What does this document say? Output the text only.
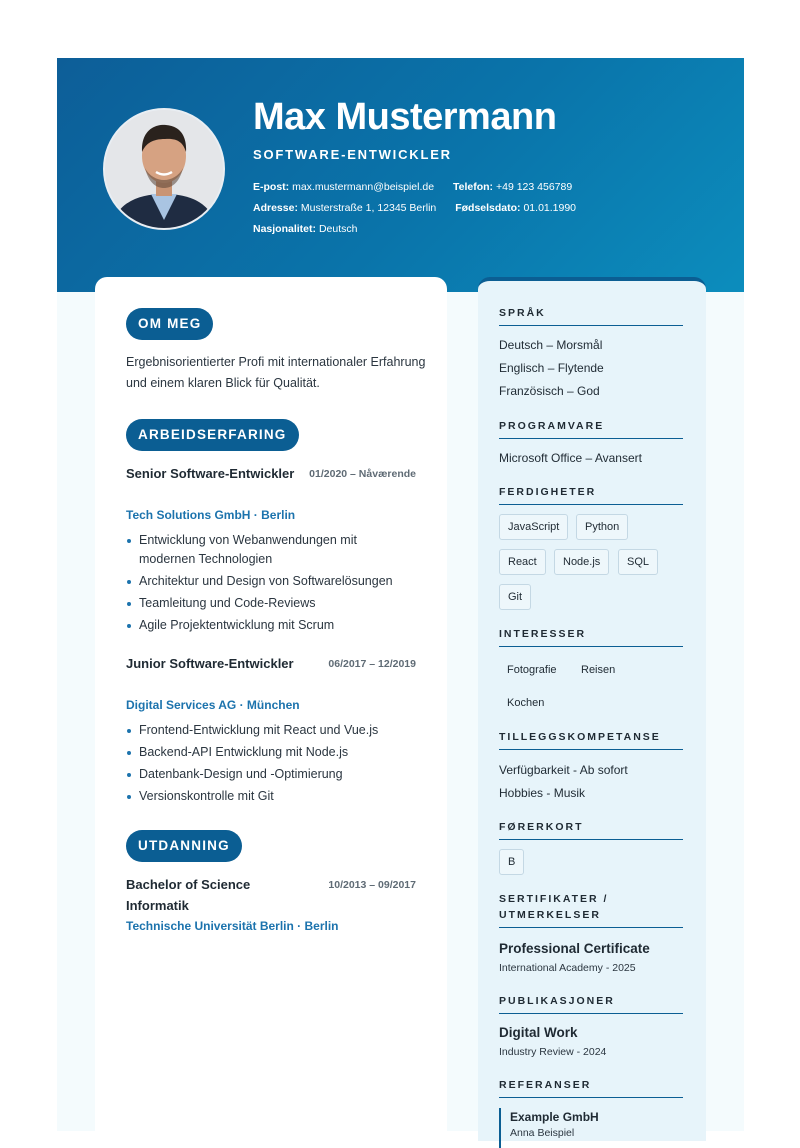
Max Mustermann
SOFTWARE-ENTWICKLER
E-post: max.mustermann@beispiel.de Telefon: +49 123 456789
Adresse: Musterstraße 1, 12345 Berlin Fødselsdato: 01.01.1990
Nasjonalitet: Deutsch
OM MEG
Ergebnisorientierter Profi mit internationaler Erfahrung und einem klaren Blick für Qualität.
ARBEIDSERFARING
Senior Software-Entwickler 01/2020 – Nåværende
Tech Solutions GmbH · Berlin
Entwicklung von Webanwendungen mit modernen Technologien
Architektur und Design von Softwarelösungen
Teamleitung und Code-Reviews
Agile Projektentwicklung mit Scrum
Junior Software-Entwickler	06/2017 – 12/2019
Digital Services AG · München
Frontend-Entwicklung mit React und Vue.js
Backend-API Entwicklung mit Node.js
Datenbank-Design und -Optimierung
Versionskontrolle mit Git
UTDANNING
Bachelor of Science Informatik
10/2013 – 09/2017
Technische Universität Berlin · Berlin
SPRÅK
Deutsch – Morsmål
Englisch – Flytende
Französisch – God
PROGRAMVARE
Microsoft Office – Avansert
FERDIGHETER
JavaScript	Python
React	Node.js	SQL
Git
INTERESSER
Fotografie Reisen
Kochen
TILLEGGSKOMPETANSE
Verfügbarkeit - Ab sofort
Hobbies - Musik
FØRERKORT
B
SERTIFIKATER /
UTMERKELSER
Professional Certificate
International Academy - 2025
PUBLIKASJONER
Digital Work
Industry Review - 2024
REFERANSER
Example GmbH
Anna Beispiel
